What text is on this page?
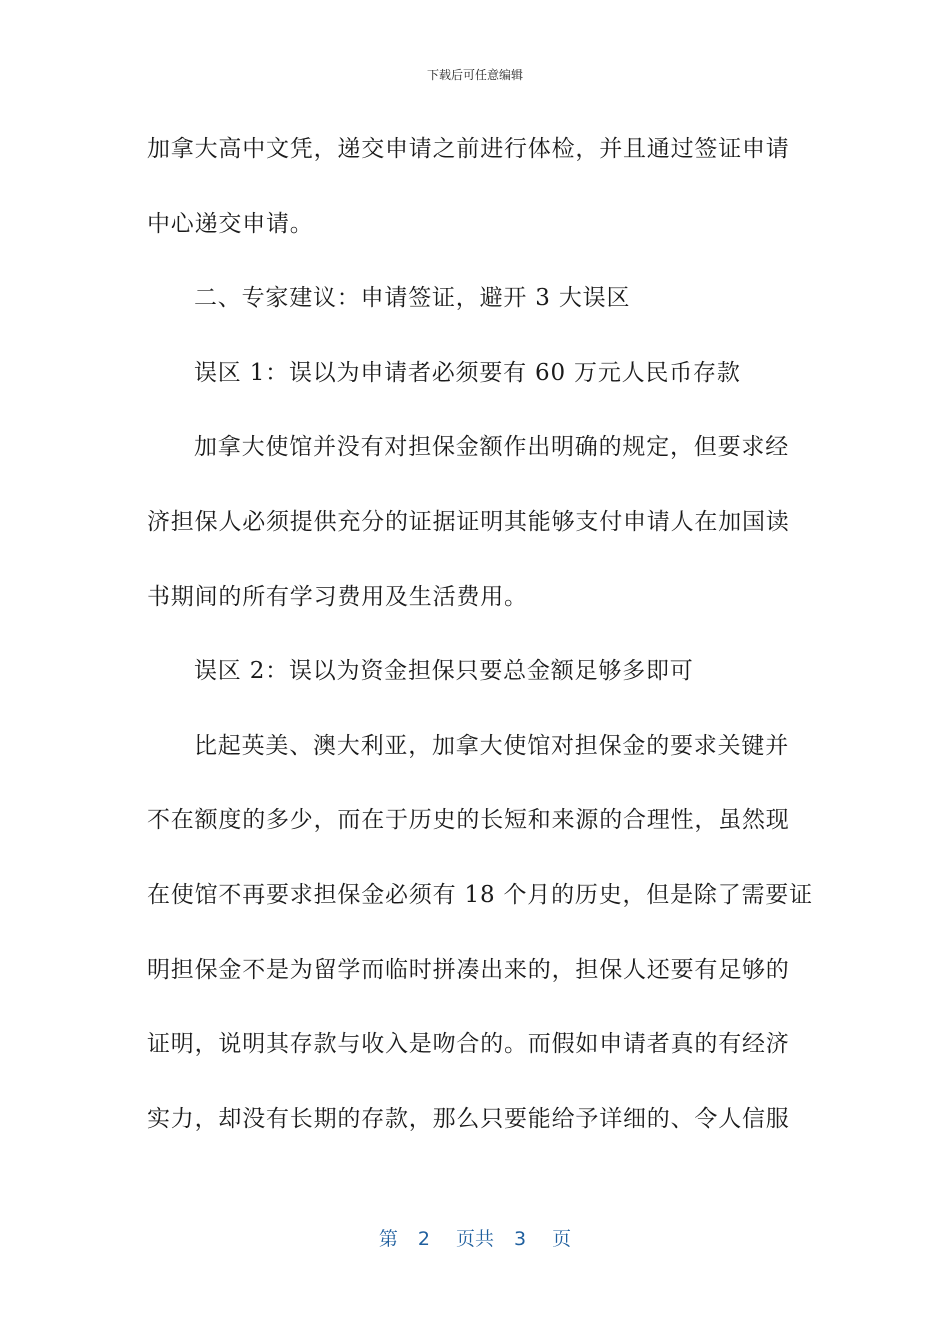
下载后可任意编辑
加拿大高中文凭，递交申请之前进行体检，并且通过签证申请
中心递交申请。
二、专家建议：申请签证，避开 3 大误区
误区 1：误以为申请者必须要有 60 万元人民币存款
加拿大使馆并没有对担保金额作出明确的规定，但要求经
济担保人必须提供充分的证据证明其能够支付申请人在加国读
书期间的所有学习费用及生活费用。
误区 2：误以为资金担保只要总金额足够多即可
比起英美、澳大利亚，加拿大使馆对担保金的要求关键并
不在额度的多少，而在于历史的长短和来源的合理性，虽然现
在使馆不再要求担保金必须有 18 个月的历史，但是除了需要证
明担保金不是为留学而临时拼凑出来的，担保人还要有足够的
证明，说明其存款与收入是吻合的。而假如申请者真的有经济
实力，却没有长期的存款，那么只要能给予详细的、令人信服
第 2 页共 3 页
